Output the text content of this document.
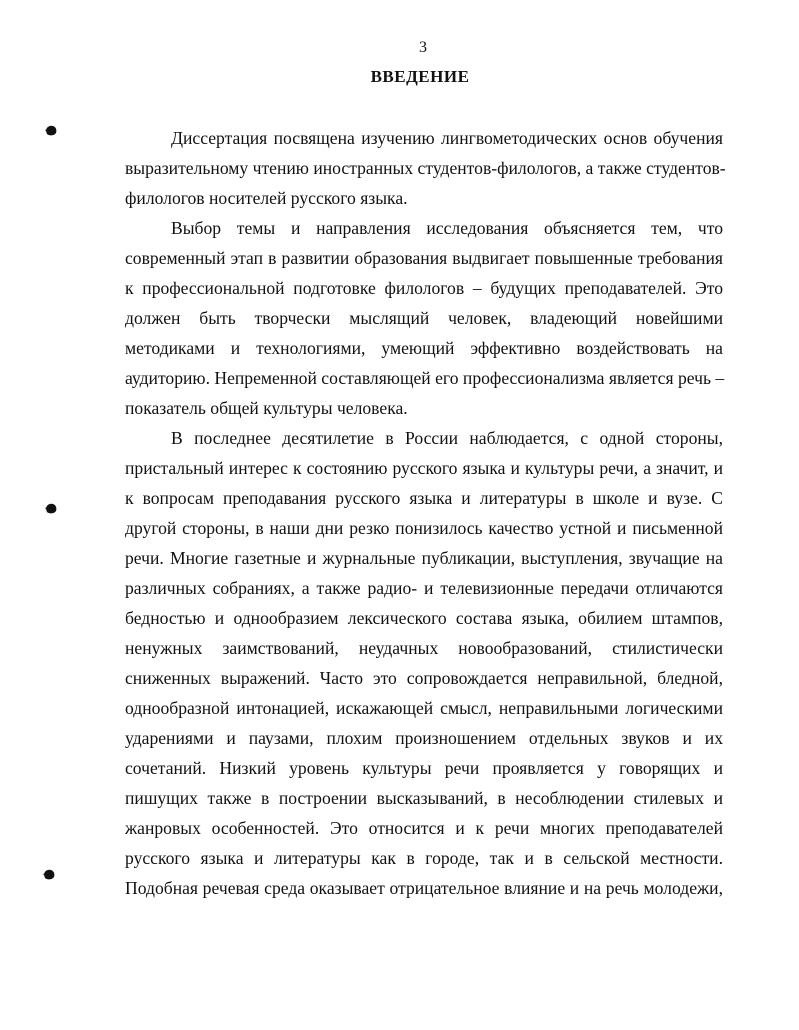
3
ВВЕДЕНИЕ
Диссертация посвящена изучению лингвометодических основ обучения
выразительному чтению иностранных студентов-филологов, а также студентов-
филологов носителей русского языка.
Выбор темы и направления исследования объясняется тем, что
современный этап в развитии образования выдвигает повышенные требования
к профессиональной подготовке филологов – будущих преподавателей. Это
должен быть творчески мыслящий человек, владеющий новейшими
методиками и технологиями, умеющий эффективно воздействовать на
аудиторию. Непременной составляющей его профессионализма является речь –
показатель общей культуры человека.
В последнее десятилетие в России наблюдается, с одной стороны,
пристальный интерес к состоянию русского языка и культуры речи, а значит, и
к вопросам преподавания русского языка и литературы в школе и вузе. С
другой стороны, в наши дни резко понизилось качество устной и письменной
речи. Многие газетные и журнальные публикации, выступления, звучащие на
различных собраниях, а также радио- и телевизионные передачи отличаются
бедностью и однообразием лексического состава языка, обилием штампов,
ненужных заимствований, неудачных новообразований, стилистически
сниженных выражений. Часто это сопровождается неправильной, бледной,
однообразной интонацией, искажающей смысл, неправильными логическими
ударениями и паузами, плохим произношением отдельных звуков и их
сочетаний. Низкий уровень культуры речи проявляется у говорящих и
пишущих также в построении высказываний, в несоблюдении стилевых и
жанровых особенностей. Это относится и к речи многих преподавателей
русского языка и литературы как в городе, так и в сельской местности.
Подобная речевая среда оказывает отрицательное влияние и на речь молодежи,
